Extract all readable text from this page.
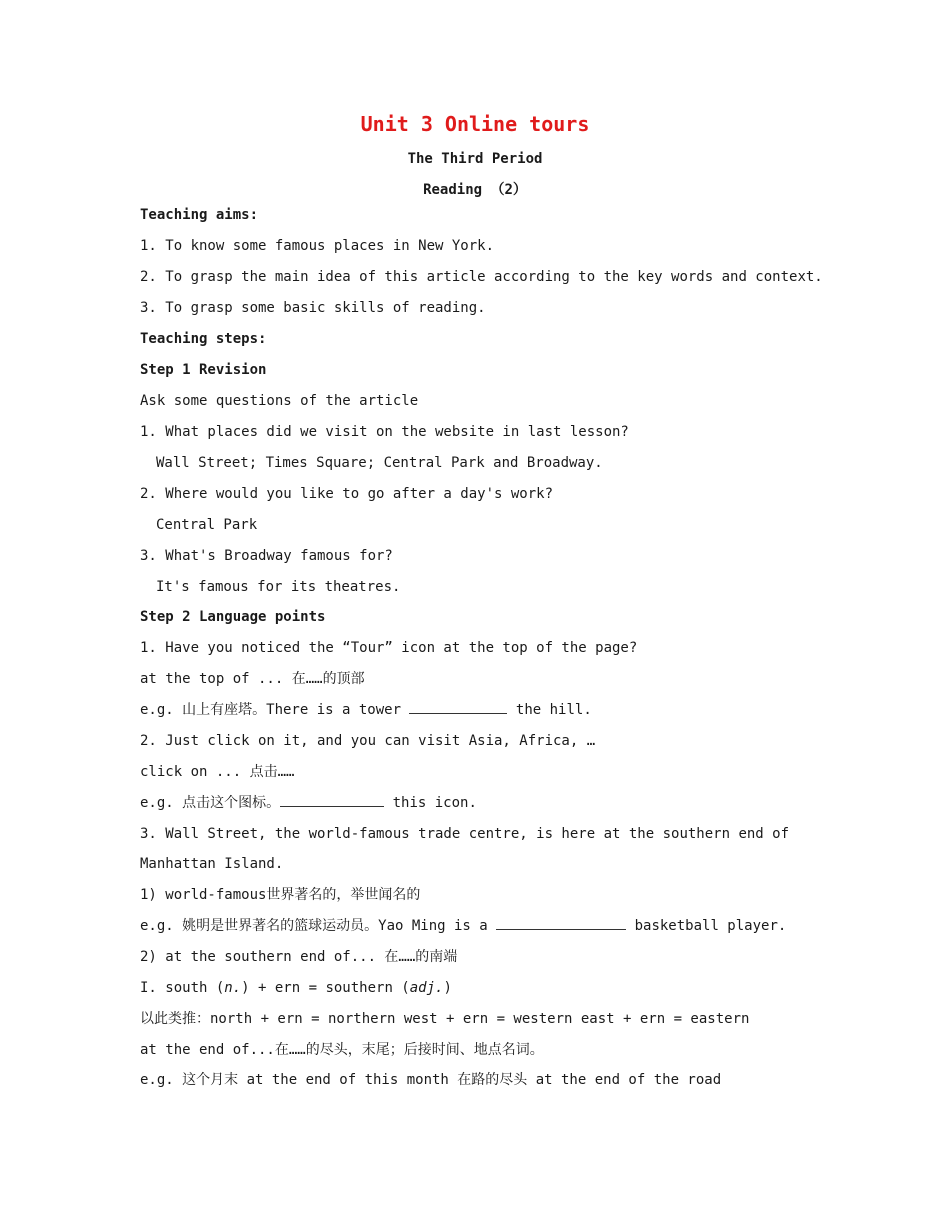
Unit 3 Online tours
The Third Period
Reading （2）
Teaching aims:
1. To know some famous places in New York.
2. To grasp the main idea of this article according to the key words and context.
3. To grasp some basic skills of reading.
Teaching steps:
Step 1 Revision
Ask some questions of the article
1. What places did we visit on the website in last lesson?
Wall Street; Times Square; Central Park and Broadway.
2. Where would you like to go after a day's work?
Central Park
3. What's Broadway famous for?
It's famous for its theatres.
Step 2 Language points
1. Have you noticed the “Tour” icon at the top of the page?
at the top of ... 在……的顶部
e.g. 山上有座塔。There is a tower	the hill.
2. Just click on it, and you can visit Asia, Africa, …
click on ... 点击……
e.g. 点击这个图标。	this icon.
3. Wall Street, the world-famous trade centre, is here at the southern end of
Manhattan Island.
1) world-famous世界著名的，举世闻名的
e.g. 姚明是世界著名的篮球运动员。Yao Ming is a	basketball player.
2) at the southern end of... 在……的南端
I. south (n.) + ern = southern (adj.)
以此类推：north + ern = northern west + ern = western east + ern = eastern
at the end of...在……的尽头，末尾；后接时间、地点名词。
e.g. 这个月末 at the end of this month 在路的尽头 at the end of the road
